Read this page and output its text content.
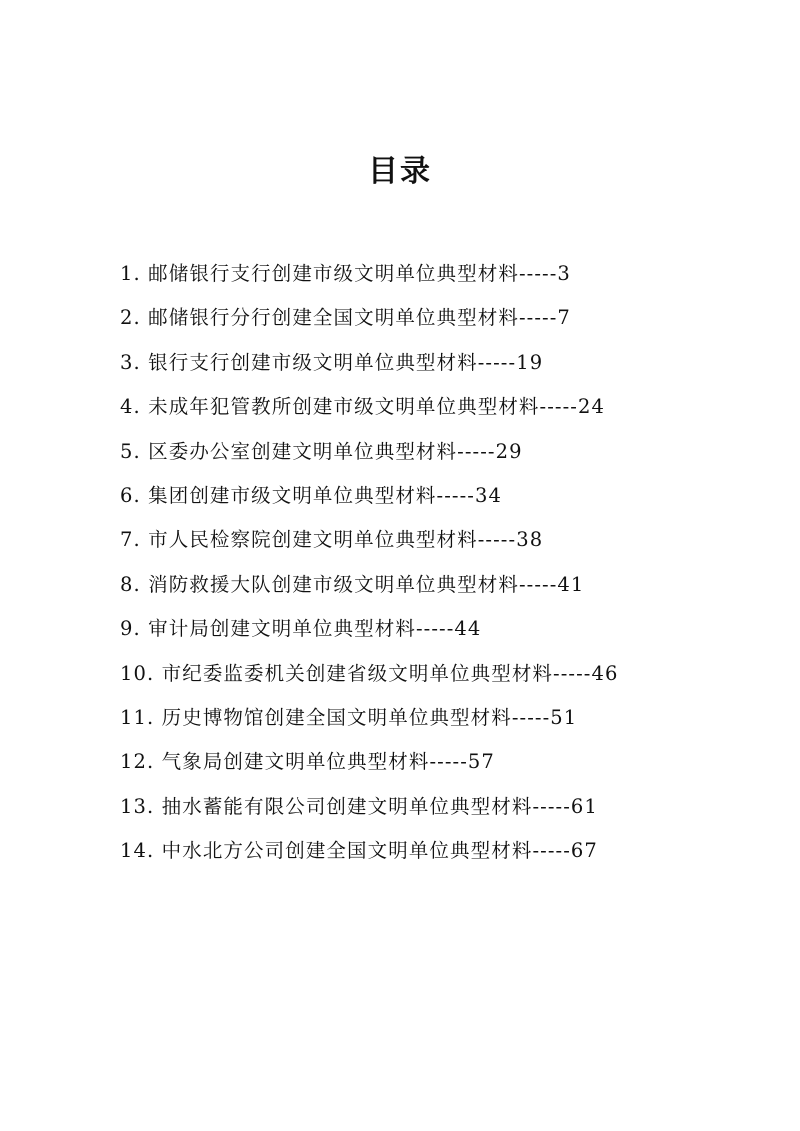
目录
1. 邮储银行支行创建市级文明单位典型材料-----3
2. 邮储银行分行创建全国文明单位典型材料-----7
3. 银行支行创建市级文明单位典型材料-----19
4. 未成年犯管教所创建市级文明单位典型材料-----24
5. 区委办公室创建文明单位典型材料-----29
6. 集团创建市级文明单位典型材料-----34
7. 市人民检察院创建文明单位典型材料-----38
8. 消防救援大队创建市级文明单位典型材料-----41
9. 审计局创建文明单位典型材料-----44
10. 市纪委监委机关创建省级文明单位典型材料-----46
11. 历史博物馆创建全国文明单位典型材料-----51
12. 气象局创建文明单位典型材料-----57
13. 抽水蓄能有限公司创建文明单位典型材料-----61
14. 中水北方公司创建全国文明单位典型材料-----67
